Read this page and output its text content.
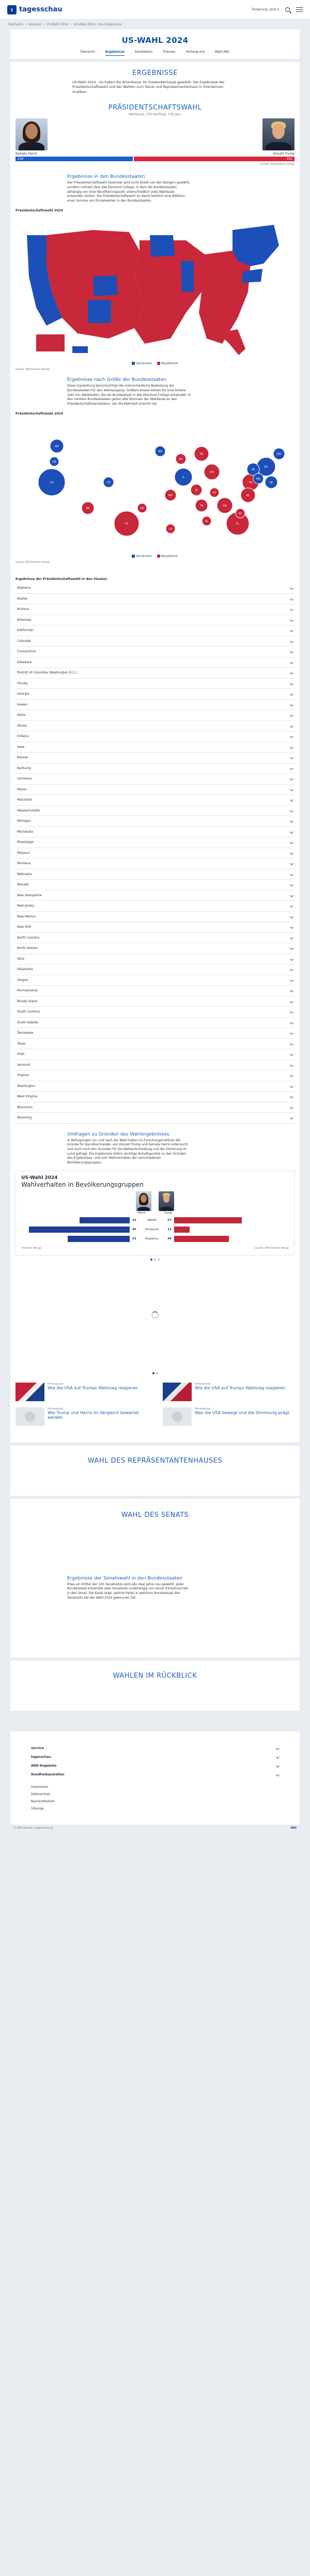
t tagesschau	Tonsprung: Jetzt ▾
Startseite › Ausland › US-Wahl 2024 › US-Wahl 2024 - Die Ergebnisse
US-WAHL 2024
Übersicht	Ergebnisse	Kandidaten	Themen	Hintergrund	Wahl-ABC
ERGEBNISSE
US-Wahl 2024 - So haben die Amerikaner ihr Staatsoberhaupt gewählt: Die Ergebnisse der Präsidentschaftswahl und der Wahlen zum Senat und Repräsentantenhaus in interaktiven Grafiken.
PRÄSIDENTSCHAFTSWAHL
Wahlleute, 270 benötigt, 538 ges.
Kamala Harris	Donald Trump
226	312
Quelle: AP/Infratest dimap
Ergebnisse in den Bundesstaaten
Der Präsidentschaftswahl-Gewinner wird nicht direkt von den Bürgern gewählt, sondern indirekt über das Electoral College, in dem die Bundesstaaten abhängig von ihrer Bevölkerungszahl unterschiedlich viele Wahlleute entsenden dürfen. Die Präsidentschaftswahl ist damit letztlich eine Addition einer Summe von Einzelwahlen in den Bundesstaaten.
Präsidentschaftswahl 2024
Demokraten	Republikaner
Quelle: AP/Infratest dimap
Ergebnisse nach Größe der Bundesstaaten
Diese Darstellung berücksichtigt die unterschiedliche Bedeutung der Bundesstaaten für den Wahlausgang: Größere Kreise stehen für eine höhere Zahl von Wahlleuten, die ein Bundesstaat in das Electoral College entsendet. In den meisten Bundesstaaten gehen alle Stimmen der Wahlleute an den Präsidentschaftskandidaten, der die Mehrheit erreicht hat.
Präsidentschaftswahl 2024
CA
TX	FL
NY
PA
IL
OH
GA
NC
MI
NJ
VA
WA
AZ
TN
MA
IN
MD
MN
MO
WI
CO
AL
SC
LA
KY
OR
OK
Demokraten	Republikaner
Quelle: AP/Infratest dimap
Ergebnisse der Präsidentschaftswahl in den Staaten
Alabama
Alaska
Arizona
Arkansas
Kalifornien
Colorado
Connecticut
Delaware
District of Columbia (Washington D.C.)
Florida
Georgia
Hawaii
Idaho
Illinois
Indiana
Iowa
Kansas
Kentucky
Louisiana
Maine
Maryland
Massachusetts
Michigan
Minnesota
Mississippi
Missouri
Montana
Nebraska
Nevada
New Hampshire
New Jersey
New Mexico
New York
North Carolina
North Dakota
Ohio
Oklahoma
Oregon
Pennsylvania
Rhode Island
South Carolina
South Dakota
Tennessee
Texas
Utah
Vermont
Virginia
Washington
West Virginia
Wisconsin
Wyoming
Umfragen zu Gründen des Wahlergebnisses
In Befragungen vor und nach der Wahl haben Co-Forschungsinstitute die Gründe für das Abschneiden von Donald Trump und Kamala Harris untersucht und auch nach den Gründen für die Wahlentscheidung und der Stimmung im Land gefragt. Die Ergebnisse liefern wichtige Anhaltspunkte zu den Gründen des Ergebnisses, und zum Wahlverhalten der verschiedenen Bevölkerungsgruppen.
US-Wahl 2024
Wahlverhalten in Bevölkerungsgruppen
Harris	Trump
42	Weiße	57
85	Schwarze	13
52	Hispanics	46
Infratest dimap	Quelle: AP/Infratest dimap
Hintergrund
Wie die USA auf Trumps Wahlsieg reagieren
Hintergrund
Wie Trump und Harris im Vergleich bewertet werden
Hintergrund
Wie die USA auf Trumps Wahlsieg reagieren
Hintergrund
Was die USA bewegt und die Stimmung prägt
WAHL DES REPRÄSENTANTENHAUSES
WAHL DES SENATS
Ergebnisse der Senatswahl in den Bundesstaaten
Etwa ein Drittel der 100 Senatssitze wird alle zwei Jahre neu gewählt. Jeder Bundesstaat entsendet zwei Senatoren unabhängig von seiner Einwohnerzahl in den Senat. Die Karte zeigt, welche Partei in welchem Bundesstaat den Senatssitz bei der Wahl 2024 gewonnen hat.
WAHLEN IM RÜCKBLICK
Service
tagesschau
ARD-Angebote
Rundfunkanstalten
Impressum
Datenschutz
Barrierefreiheit
Sitemap
© ARD-aktuell / tagesschau.de	ARD
